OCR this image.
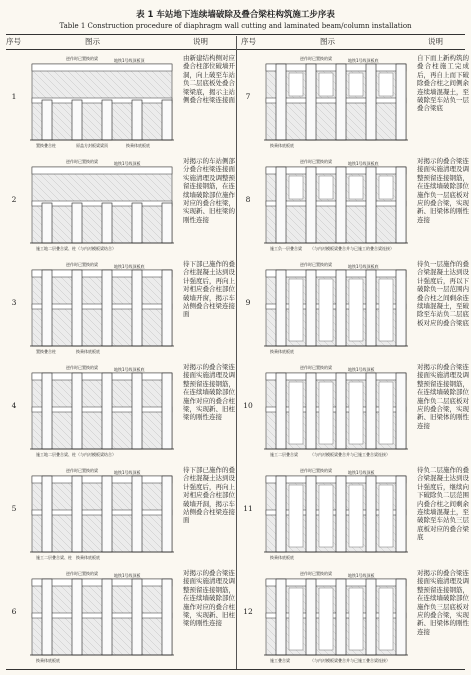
表 1 车站地下连续墙破除及叠合梁柱构筑施工步序表
Table 1 Construction procedure of diaphragm wall cutting and laminated beam/column installation
序号	图示	说明	序号	图示	说明
1
逆作时已置换的梁	地铁1号线顶板顶
置换叠合柱	原盖方封板梁梁顶	换乘体底板底
由新建结构侧对应叠合柱部位破墙开洞，向上破至车站负二层底板处叠合梁梁底，揭示主站侧叠合柱梁连接面
2
逆作时已置换的梁	地铁1号线顶板
施工地二层叠合梁、柱 （与内衬模板梁结合）
对揭示的车站侧部分叠合柱梁连接面实施清理及调整预留连接钢筋，在连续墙破除部位施作对应的叠合柱梁，实现新、旧柱梁的刚性连接
3
逆作时已置换的梁	地铁1号线顶板底
置换叠合柱	换乘体底板底
待下部已施作的叠合柱混凝土达到设计强度后，再向上对相应叠合柱部位破墙开窗，揭示车站侧叠合柱梁连接面
4
逆作时已置换的梁	地铁1号线顶板底
施工地二层叠合梁、柱 （与内衬模板梁结合）
对揭示的叠合梁连接面实施清理及调整预留连接钢筋，在连续墙破除部位施作对应的叠合柱梁，实现新、旧柱梁的刚性连接
5
逆作时已置换的梁	地铁1号线顶板
施工二层叠合梁、柱 换乘体底板底
待下部已施作的叠合柱混凝土达到设计强度后，再向上对相应叠合柱部位破墙开洞，揭示车站侧叠合柱梁连接面
6
逆作时已置换的梁	地铁1号线顶板
换乘体底板底
对揭示的叠合梁连接面实施清理及调整预留连接钢筋，在连续墙破除部位施作对应的叠合柱梁，实现新、旧柱梁的刚性连接
7
逆作时已置换的梁	地铁1号线顶板底
换乘体底板底
自下而上新构筑的叠合柱施工完成后，再自上而下破除叠合柱之间侧余连续墙混凝土，至破除至车站负一层叠合梁底
8
逆作时已置换的梁	地铁1号线顶板底
施工负一层叠合梁 （与内衬模板梁叠合并与已施工的叠合梁连接）
对揭示的叠合梁连接面实施清理及调整预留连接钢筋，在连续墙破除部位施作负一层底板对应的叠合梁，实现新、旧梁体的刚性连接
9
逆作时已置换的梁	地铁1号线顶板底
换乘体底板底
待负一层施作的叠合梁混凝土达到设计强度后，再以下破除负一层范围内叠合柱之间剩余连续墙混凝土，至破除至车站负二层底板对应的叠合梁底
10
逆作时已置换的梁	地铁1号线顶板
施工二层叠合梁	（与内衬模板梁叠合并与已施工叠合梁连接）
对揭示的叠合梁连接面实施清理及调整预留连接钢筋，在连续墙破除部位施作负二层底板对应的叠合梁，实现新、旧梁体的刚性连接
11
逆作时已置换的梁	地铁1号线顶板
换乘体底板底
待负二层施作的叠合梁混凝土达到设计强度后，继续向下破除负二层范围内叠合柱之间剩余连续墙混凝土，至破除至车站负三层底板对应的叠合梁底
12
逆作时已置换的梁	地铁1号线顶板
施工叠合梁	（与内衬模板梁叠合并与已施工叠合梁连接）
对揭示的叠合梁连接面实施清理及调整预留连接钢筋，在连续墙破除部位施作负三层底板对应的叠合梁，实现新、旧梁体的刚性连接
